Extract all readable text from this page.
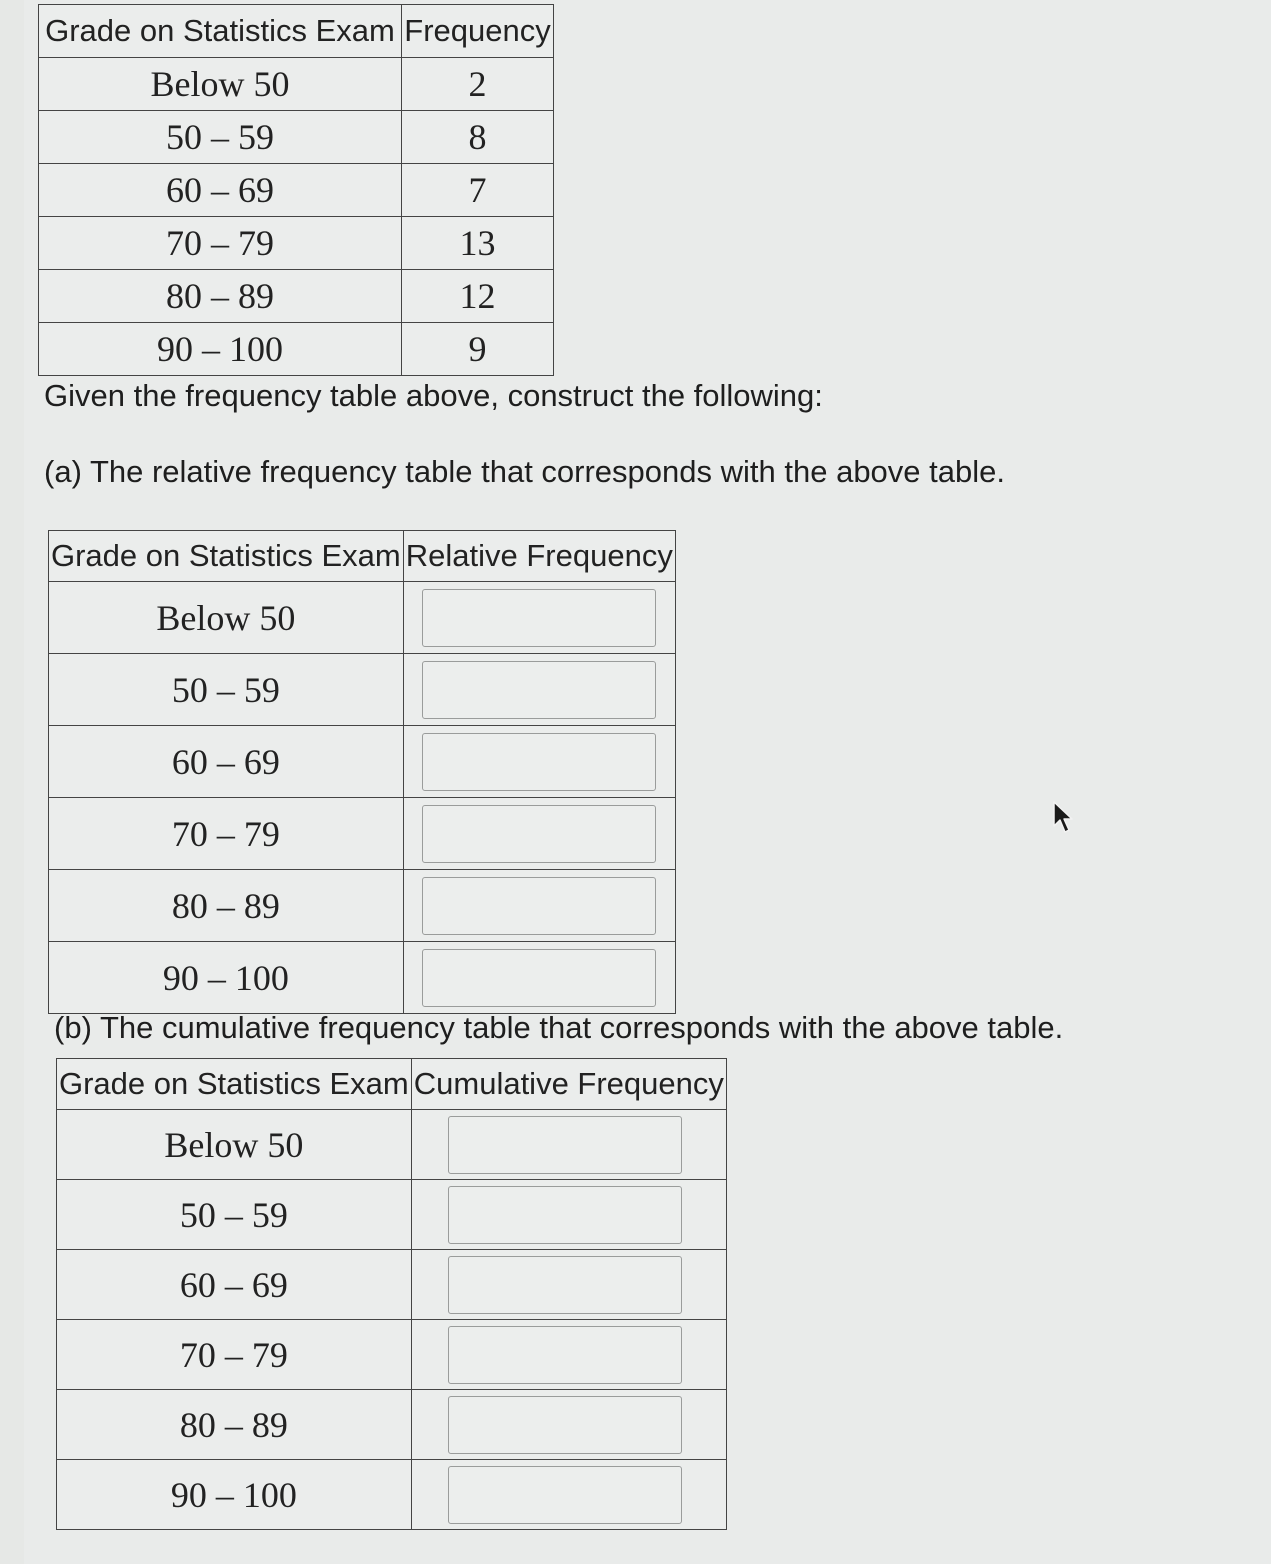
Grade on Statistics Exam	Frequency
Below 50	2
50 – 59	8
60 – 69	7
70 – 79	13
80 – 89	12
90 – 100	9

Given the frequency table above, construct the following:

(a) The relative frequency table that corresponds with the above table.

Grade on Statistics Exam	Relative Frequency
Below 50	

50 – 59	

60 – 69	

70 – 79	

80 – 89	

90 – 100	

(b) The cumulative frequency table that corresponds with the above table.

Grade on Statistics Exam	Cumulative Frequency
Below 50	

50 – 59	

60 – 69	

70 – 79	

80 – 89	

90 – 100	
